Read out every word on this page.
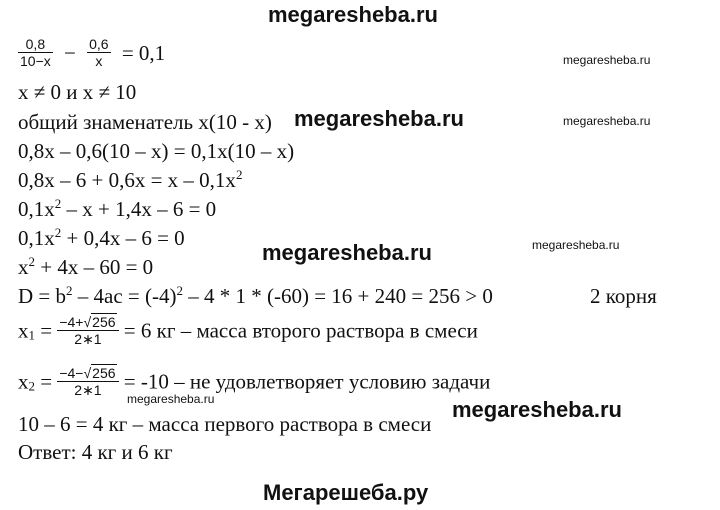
megaresheba.ru
Мегарешеба.ру
megaresheba.ru
megaresheba.ru
megaresheba.ru
megaresheba.ru
megaresheba.ru
megaresheba.ru
megaresheba.ru
$\frac{0,8}{10-x} - \frac{0,6}{x} = 0,1$
x ≠ 0 и x ≠ 10
общий знаменатель x(10 - x)
0,8x – 0,6(10 – x) = 0,1x(10 – x)
$0,8x - 6 + 0,6x = x - 0,1x^2$
$0,1x^2 - x + 1,4x - 6 = 0$
$0,1x^2 + 0,4x - 6 = 0$
$x^2 + 4x - 60 = 0$
$D = b^2 - 4ac = (-4)^2 - 4 * 1 * (-60) = 16 + 240 = 256 > 0$	2 корня
$x_1 = \frac{-4+√256}{2∗1} = 6$ кг – масса второго раствора в смеси
$x_2 = \frac{-4-√256}{2∗1} = -10$ – не удовлетворяет условию задачи
10 – 6 = 4 кг – масса первого раствора в смеси
Ответ: 4 кг и 6 кг
